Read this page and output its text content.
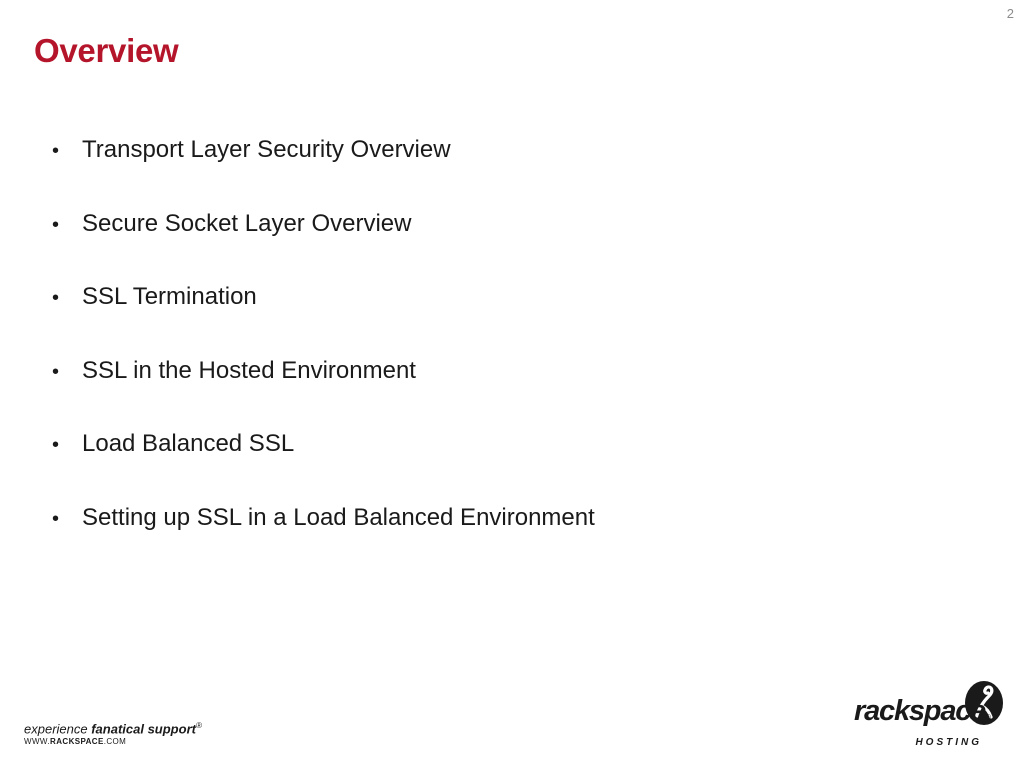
2
Overview
• Transport Layer Security Overview
• Secure Socket Layer Overview
• SSL Termination
• SSL in the Hosted Environment
• Load Balanced SSL
• Setting up SSL in a Load Balanced Environment
experience fanatical support®
WWW.RACKSPACE.COM
rackspace®
HOSTING
